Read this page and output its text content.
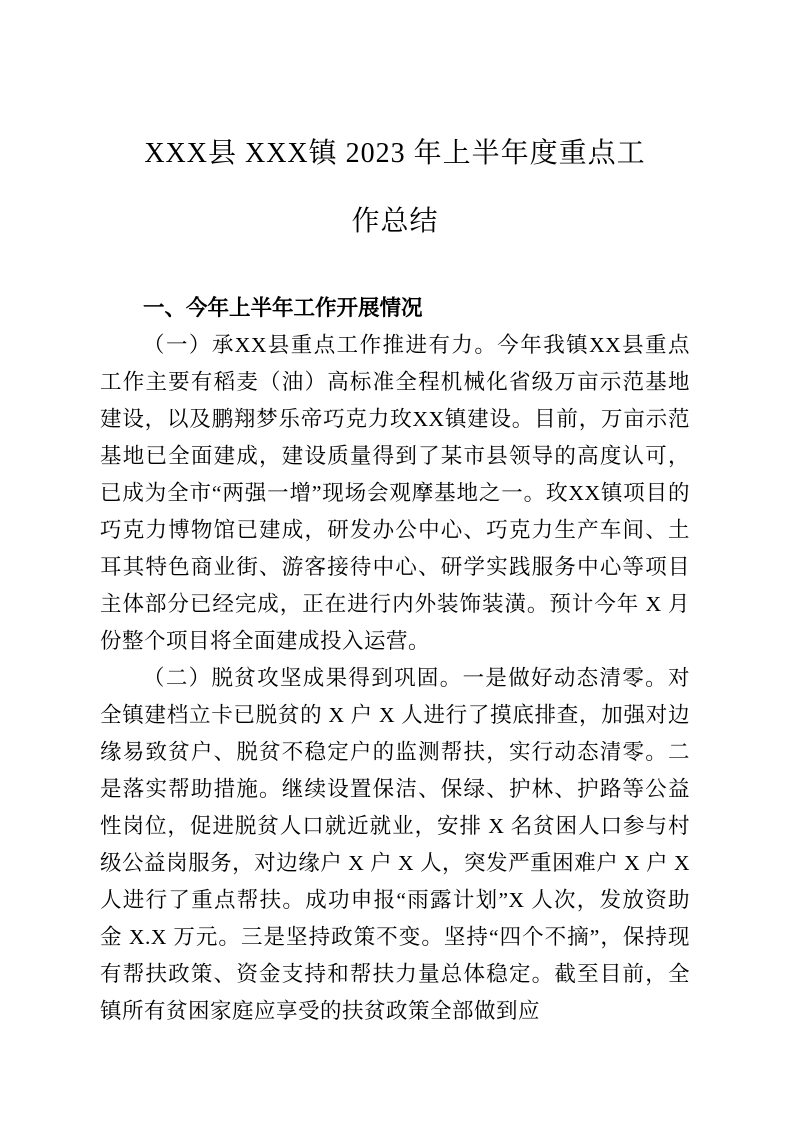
XXX县 XXX镇 2023 年上半年度重点工
作总结
一、今年上半年工作开展情况

（一）承XX县重点工作推进有力。今年我镇XX县重点工作主要有稻麦（油）高标准全程机械化省级万亩示范基地建设，以及鹏翔梦乐帝巧克力玫XX镇建设。目前，万亩示范基地已全面建成，建设质量得到了某市县领导的高度认可，已成为全市“两强一增”现场会观摩基地之一。玫XX镇项目的巧克力博物馆已建成，研发办公中心、巧克力生产车间、土耳其特色商业街、游客接待中心、研学实践服务中心等项目主体部分已经完成，正在进行内外装饰装潢。预计今年 X 月份整个项目将全面建成投入运营。

（二）脱贫攻坚成果得到巩固。一是做好动态清零。对全镇建档立卡已脱贫的 X 户 X 人进行了摸底排查，加强对边缘易致贫户、脱贫不稳定户的监测帮扶，实行动态清零。二是落实帮助措施。继续设置保洁、保绿、护林、护路等公益性岗位，促进脱贫人口就近就业，安排 X 名贫困人口参与村级公益岗服务，对边缘户 X 户 X 人，突发严重困难户 X 户 X 人进行了重点帮扶。成功申报“雨露计划”X 人次，发放资助金 X.X 万元。三是坚持政策不变。坚持“四个不摘”，保持现有帮扶政策、资金支持和帮扶力量总体稳定。截至目前，全镇所有贫困家庭应享受的扶贫政策全部做到应
